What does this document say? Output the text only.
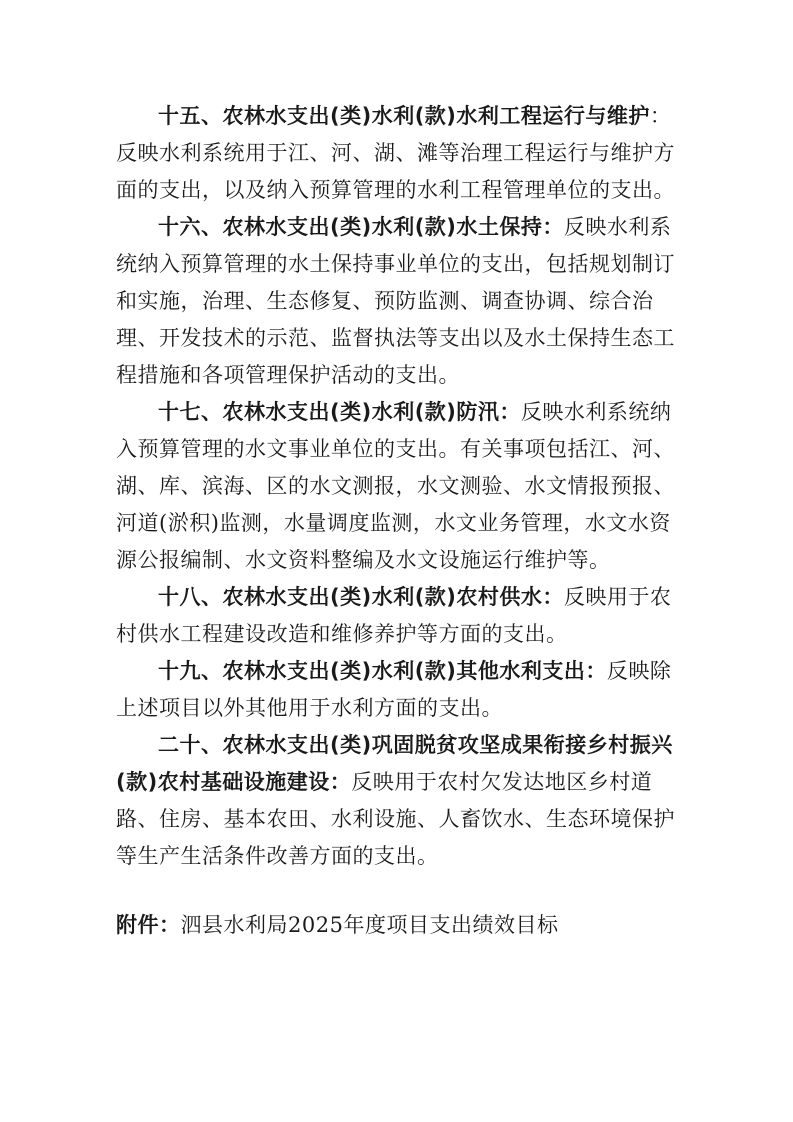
十五、农林水支出(类)水利(款)水利工程运行与维护：反映水利系统用于江、河、湖、滩等治理工程运行与维护方面的支出，以及纳入预算管理的水利工程管理单位的支出。

十六、农林水支出(类)水利(款)水土保持：反映水利系统纳入预算管理的水土保持事业单位的支出，包括规划制订和实施，治理、生态修复、预防监测、调查协调、综合治理、开发技术的示范、监督执法等支出以及水土保持生态工程措施和各项管理保护活动的支出。

十七、农林水支出(类)水利(款)防汛：反映水利系统纳入预算管理的水文事业单位的支出。有关事项包括江、河、湖、库、滨海、区的水文测报，水文测验、水文情报预报、河道(淤积)监测，水量调度监测，水文业务管理，水文水资源公报编制、水文资料整编及水文设施运行维护等。

十八、农林水支出(类)水利(款)农村供水：反映用于农村供水工程建设改造和维修养护等方面的支出。

十九、农林水支出(类)水利(款)其他水利支出：反映除上述项目以外其他用于水利方面的支出。

二十、农林水支出(类)巩固脱贫攻坚成果衔接乡村振兴(款)农村基础设施建设：反映用于农村欠发达地区乡村道路、住房、基本农田、水利设施、人畜饮水、生态环境保护等生产生活条件改善方面的支出。

附件：泗县水利局2025年度项目支出绩效目标
